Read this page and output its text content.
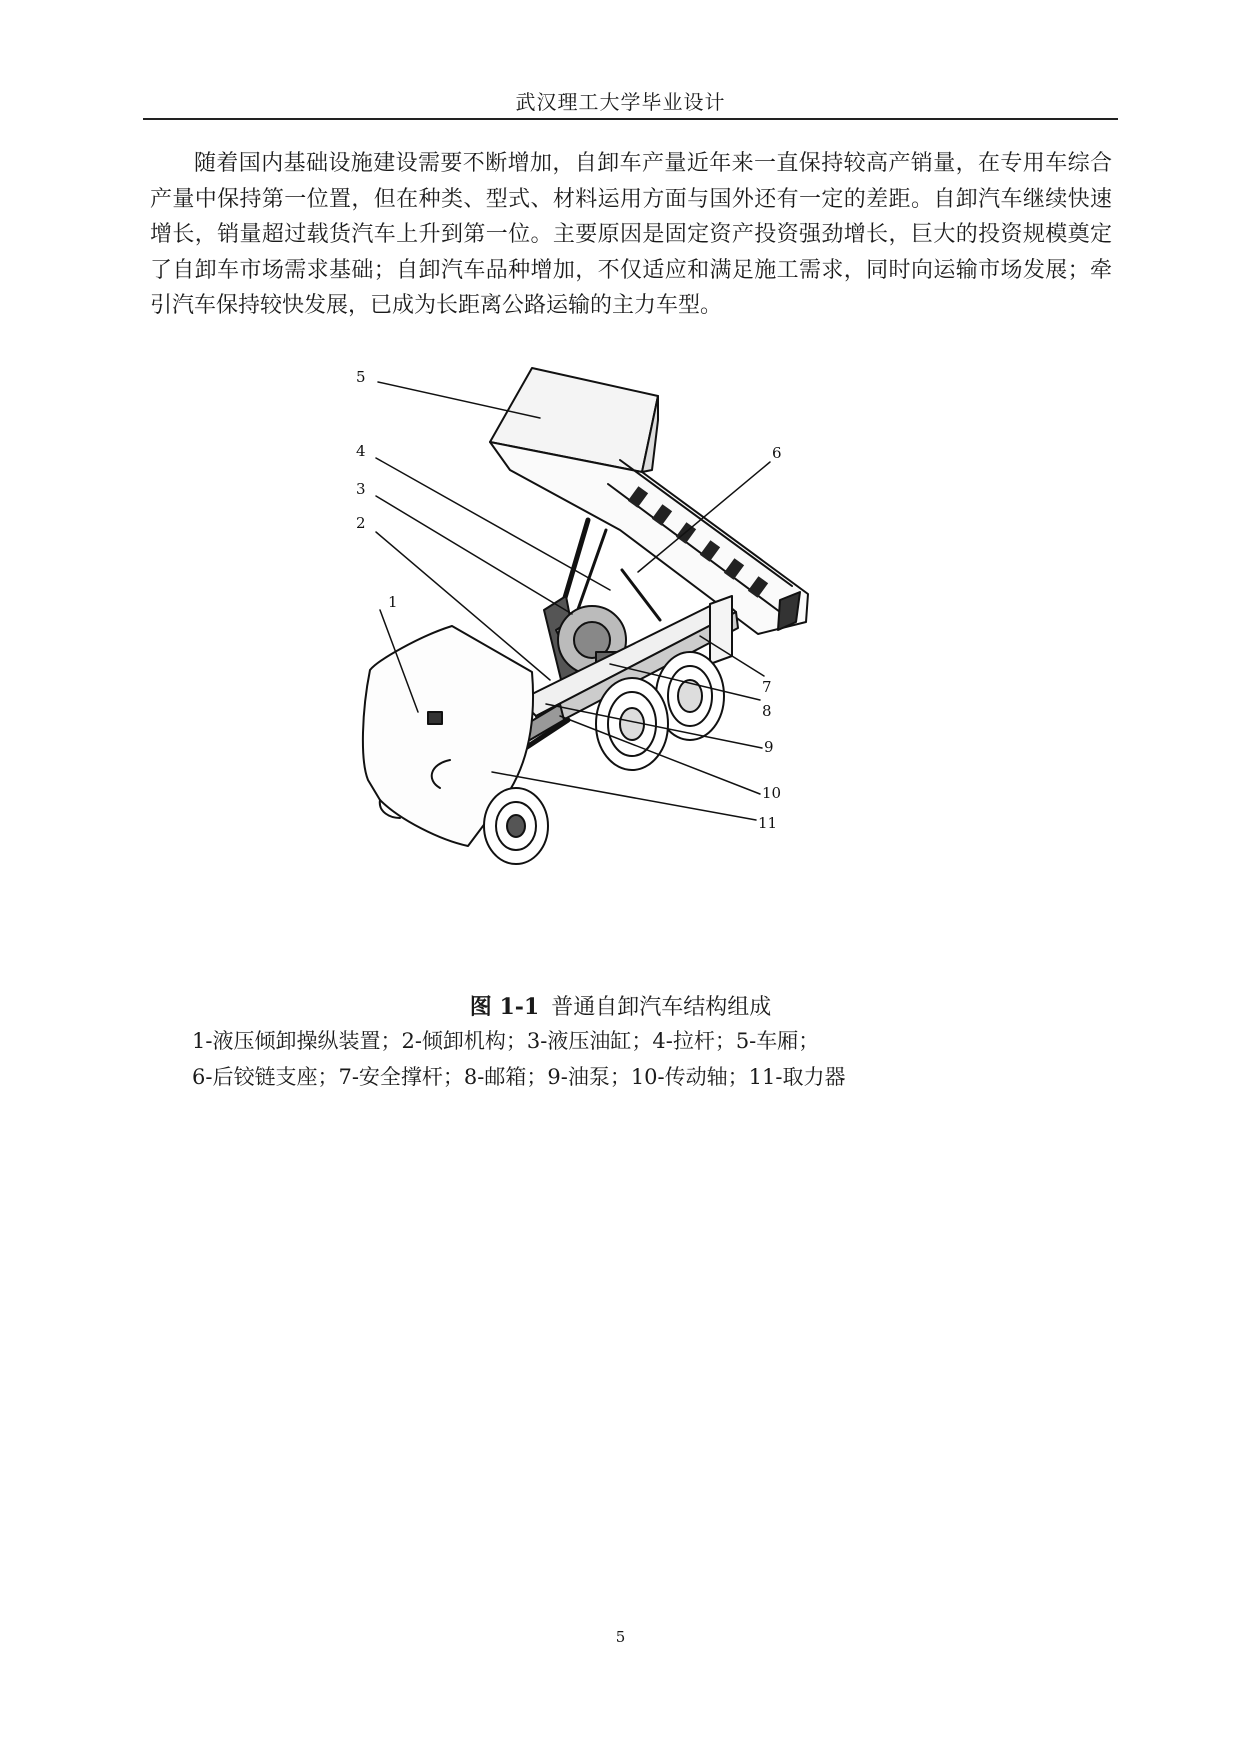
武汉理工大学毕业设计

随着国内基础设施建设需要不断增加，自卸车产量近年来一直保持较高产销量，在专用车综合产量中保持第一位置，但在种类、型式、材料运用方面与国外还有一定的差距。自卸汽车继续快速增长，销量超过载货汽车上升到第一位。主要原因是固定资产投资强劲增长，巨大的投资规模奠定了自卸车市场需求基础；自卸汽车品种增加，不仅适应和满足施工需求，同时向运输市场发展；牵引汽车保持较快发展，已成为长距离公路运输的主力车型。

1
2
3
4
5
6
7
8
9
10
11
图 1-1 普通自卸汽车结构组成
1-液压倾卸操纵装置；2-倾卸机构；3-液压油缸；4-拉杆；5-车厢；
6-后铰链支座；7-安全撑杆；8-邮箱；9-油泵；10-传动轴；11-取力器
5
